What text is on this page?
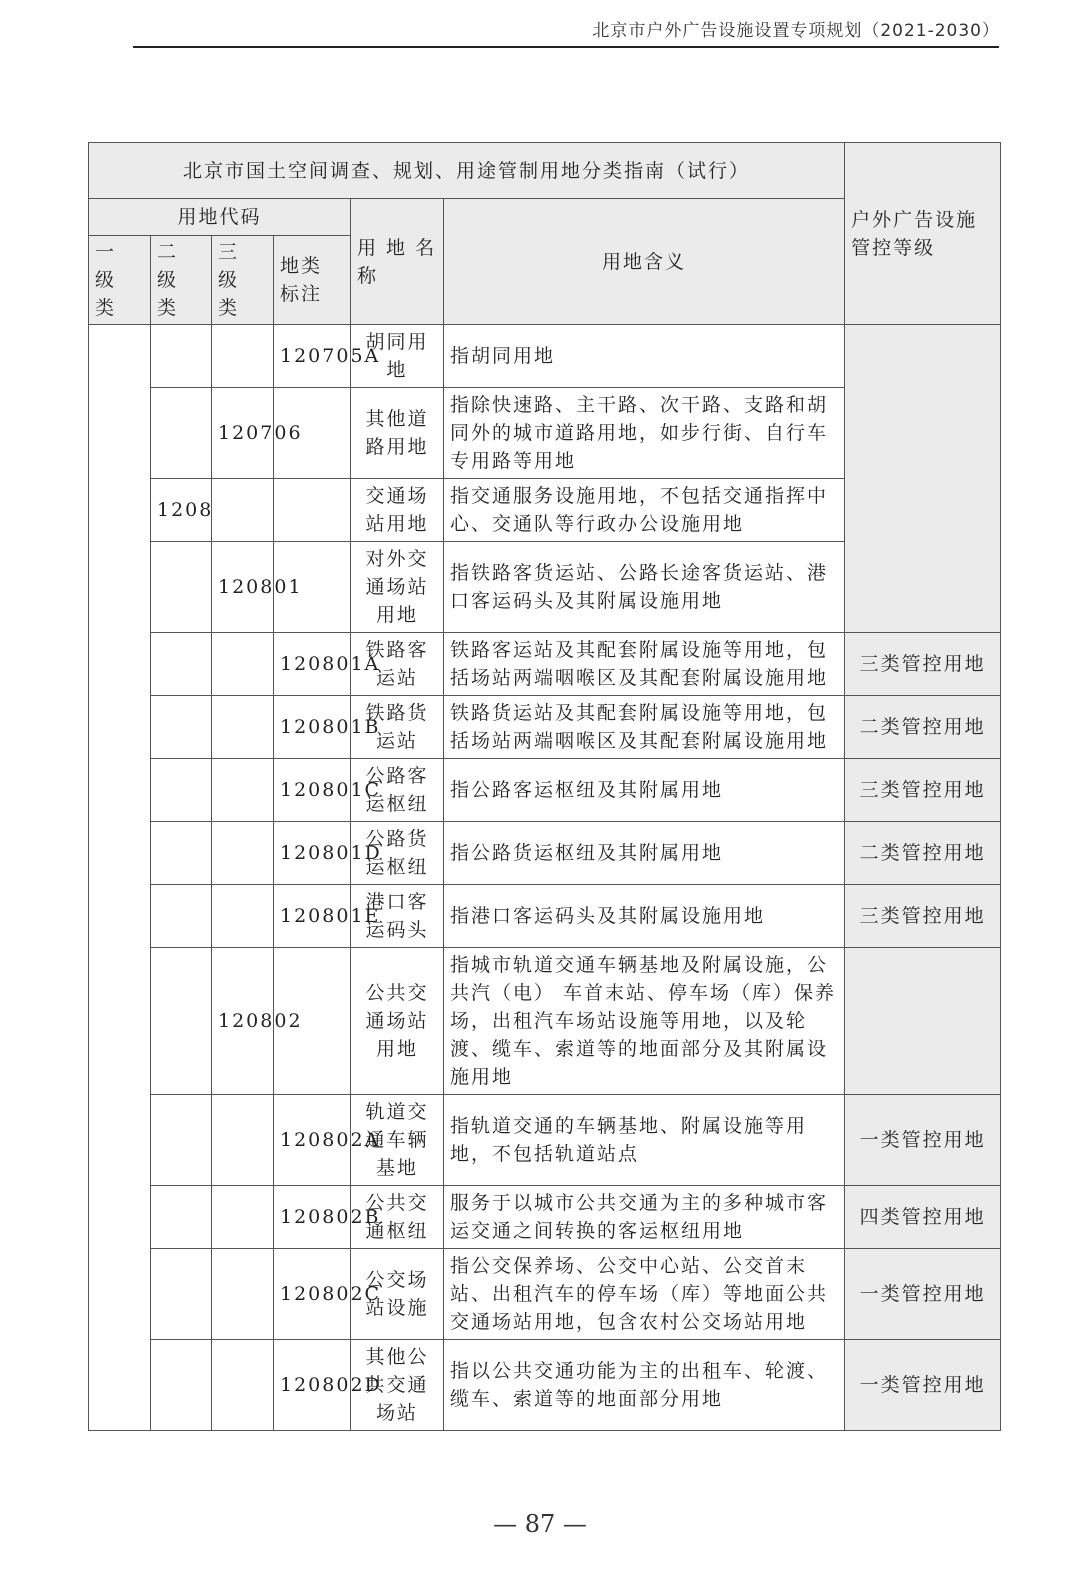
北京市户外广告设施设置专项规划（2021-2030）
北京市国土空间调查、规划、用途管制用地分类指南（试行）						户外广告设施管控等级
用地代码				用 地 名 称	用地含义	
一 级 类	二 级 类	三 级 类	地类 标注			
			120705A	胡同用地	指胡同用地	
		120706		其他道路用地	指除快速路、主干路、次干路、支路和胡同外的城市道路用地，如步行街、自行车专用路等用地	
	1208			交通场站用地	指交通服务设施用地，不包括交通指挥中心、交通队等行政办公设施用地	
		120801		对外交通场站用地	指铁路客货运站、公路长途客货运站、港口客运码头及其附属设施用地	
			120801A	铁路客运站	铁路客运站及其配套附属设施等用地，包括场站两端咽喉区及其配套附属设施用地	三类管控用地
			120801B	铁路货运站	铁路货运站及其配套附属设施等用地，包括场站两端咽喉区及其配套附属设施用地	二类管控用地
			120801C	公路客运枢纽	指公路客运枢纽及其附属用地	三类管控用地
			120801D	公路货运枢纽	指公路货运枢纽及其附属用地	二类管控用地
			120801E	港口客运码头	指港口客运码头及其附属设施用地	三类管控用地
		120802		公共交通场站用地	指城市轨道交通车辆基地及附属设施，公共汽（电） 车首末站、停车场（库）保养场，出租汽车场站设施等用地，以及轮渡、缆车、索道等的地面部分及其附属设施用地	
			120802A	轨道交通车辆基地	指轨道交通的车辆基地、附属设施等用地，不包括轨道站点	一类管控用地
			120802B	公共交通枢纽	服务于以城市公共交通为主的多种城市客运交通之间转换的客运枢纽用地	四类管控用地
			120802C	公交场站设施	指公交保养场、公交中心站、公交首末站、出租汽车的停车场（库）等地面公共交通场站用地，包含农村公交场站用地	一类管控用地
			120802D	其他公共交通场站	指以公共交通功能为主的出租车、轮渡、缆车、索道等的地面部分用地	一类管控用地
— 87 —
